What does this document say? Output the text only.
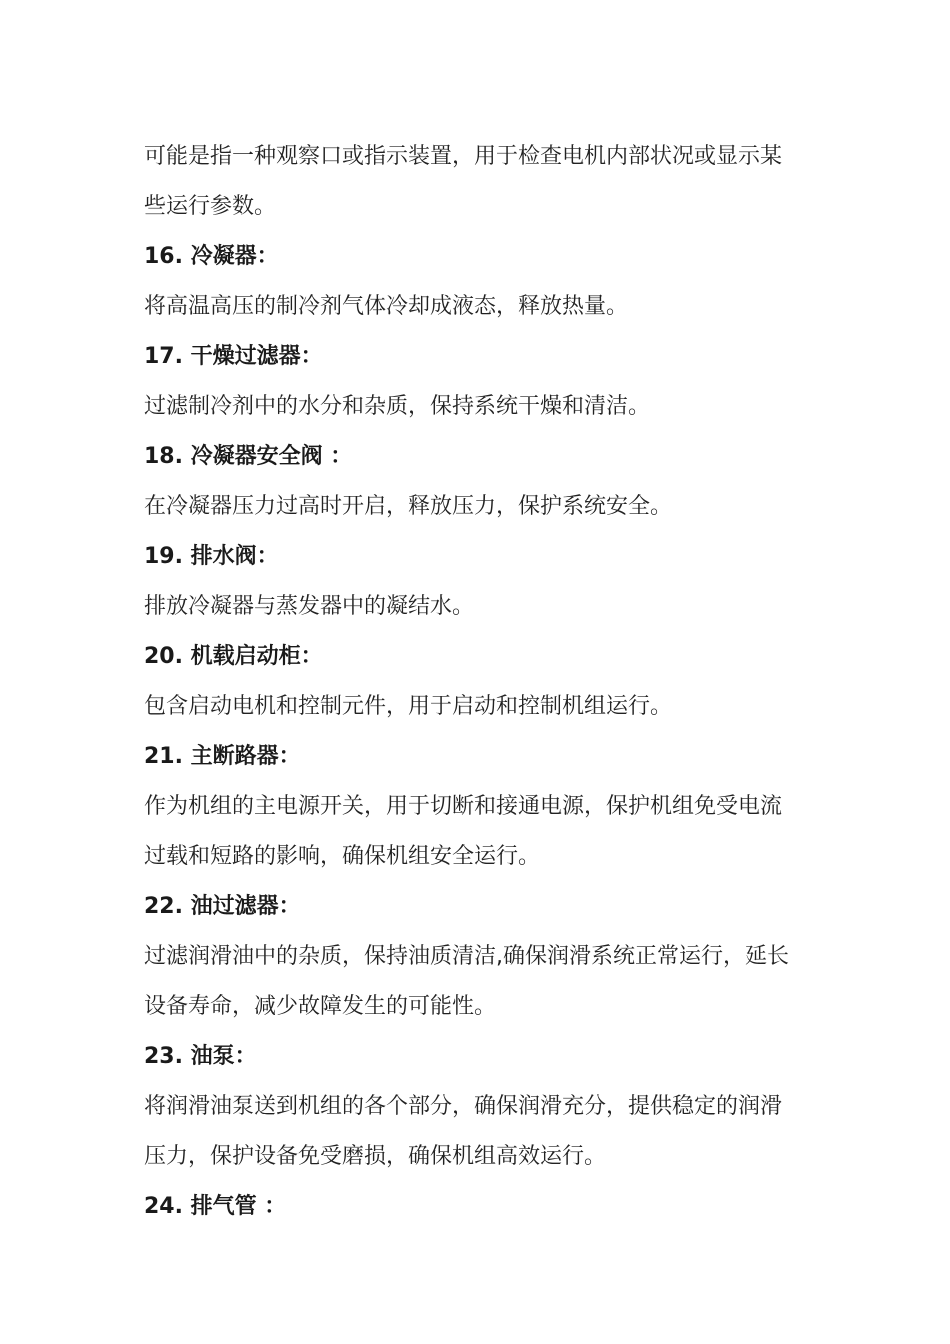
可能是指一种观察口或指示装置，用于检查电机内部状况或显示某
些运行参数。
16. 冷凝器：
将高温高压的制冷剂气体冷却成液态，释放热量。
17. 干燥过滤器：
过滤制冷剂中的水分和杂质，保持系统干燥和清洁。
18. 冷凝器安全阀 ：
在冷凝器压力过高时开启，释放压力，保护系统安全。
19. 排水阀：
排放冷凝器与蒸发器中的凝结水。
20. 机载启动柜：
包含启动电机和控制元件，用于启动和控制机组运行。
21. 主断路器：
作为机组的主电源开关，用于切断和接通电源，保护机组免受电流
过载和短路的影响，确保机组安全运行。
22. 油过滤器：
过滤润滑油中的杂质，保持油质清洁,确保润滑系统正常运行，延长
设备寿命，减少故障发生的可能性。
23. 油泵：
将润滑油泵送到机组的各个部分，确保润滑充分，提供稳定的润滑
压力，保护设备免受磨损，确保机组高效运行。
24. 排气管 ：
